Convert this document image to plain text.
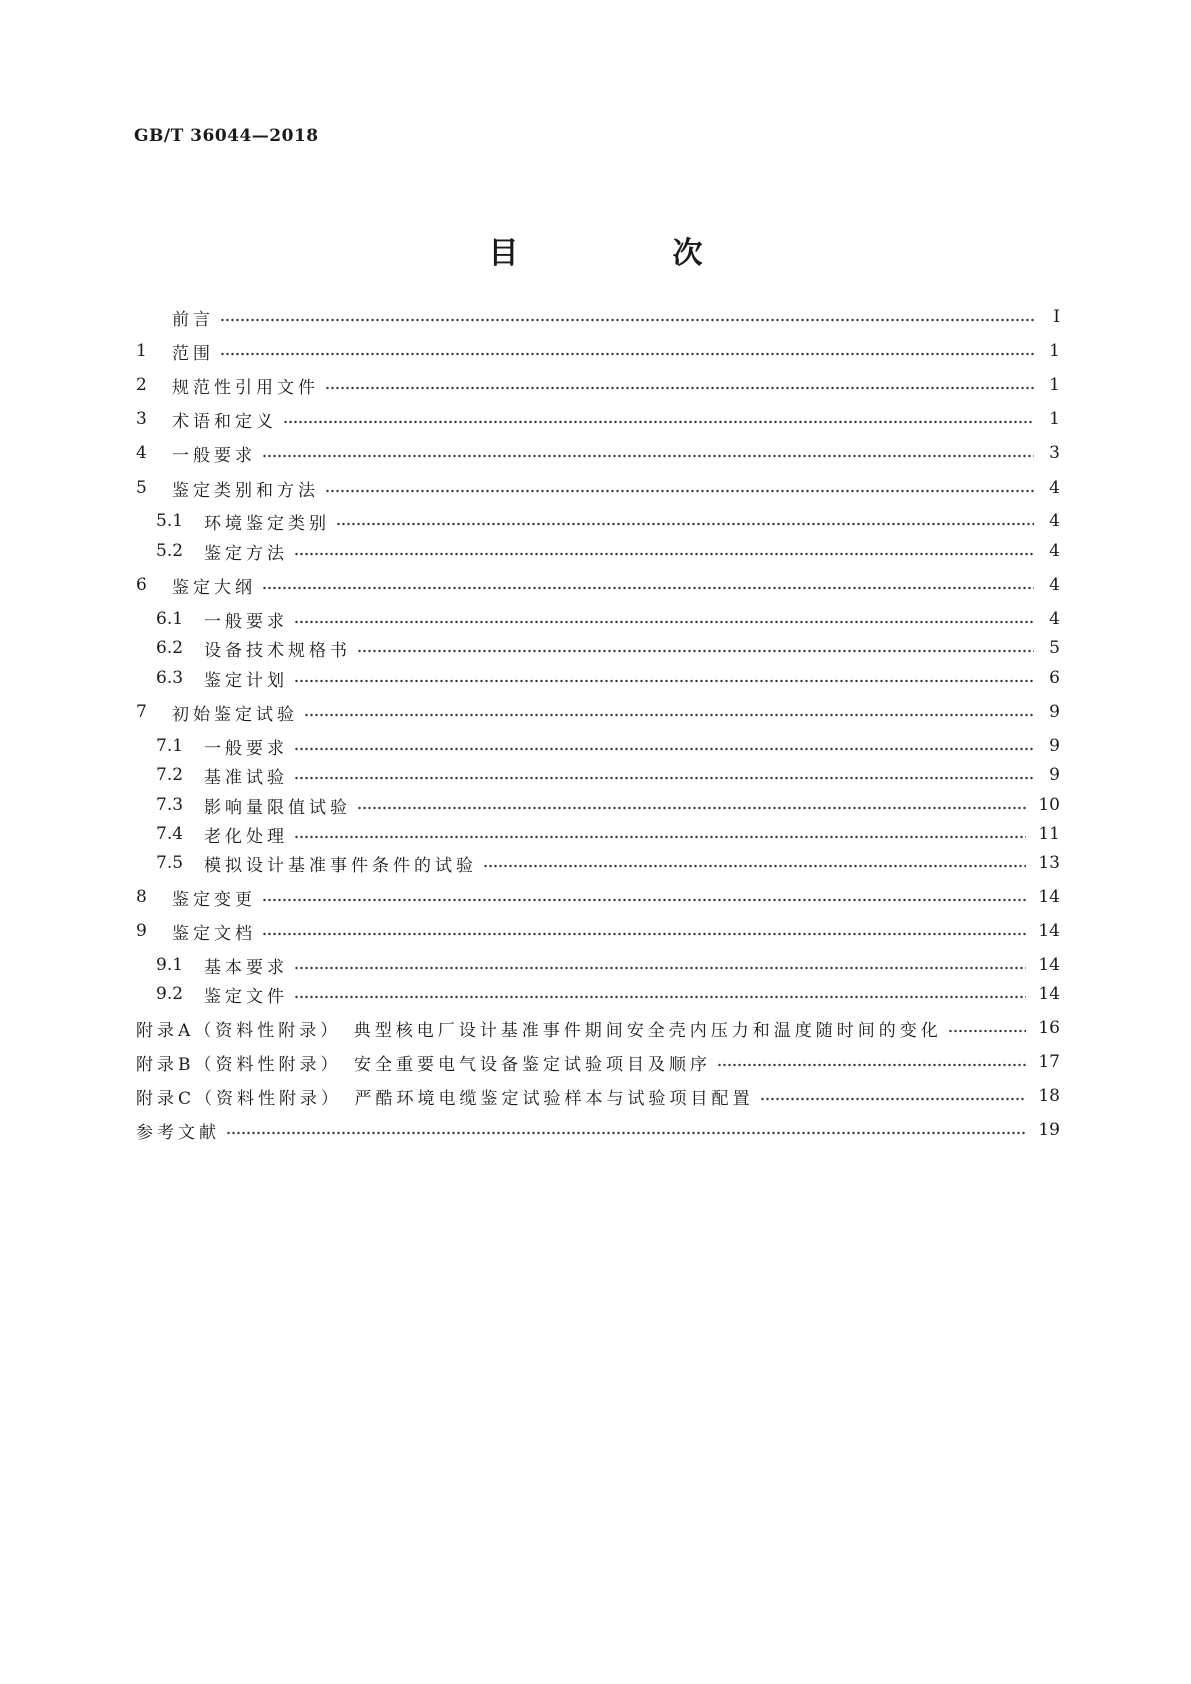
GB/T 36044—2018
目　次
前言	Ⅰ
1	范围	1
2	规范性引用文件	1
3	术语和定义	1
4	一般要求	3
5	鉴定类别和方法	4
5.1	环境鉴定类别	4
5.2	鉴定方法	4
6	鉴定大纲	4
6.1	一般要求	4
6.2	设备技术规格书	5
6.3	鉴定计划	6
7	初始鉴定试验	9
7.1	一般要求	9
7.2	基准试验	9
7.3	影响量限值试验	10
7.4	老化处理	11
7.5	模拟设计基准事件条件的试验	13
8	鉴定变更	14
9	鉴定文档	14
9.1	基本要求	14
9.2	鉴定文件	14
附录A（资料性附录）　典型核电厂设计基准事件期间安全壳内压力和温度随时间的变化	16
附录B（资料性附录）　安全重要电气设备鉴定试验项目及顺序	17
附录C（资料性附录）　严酷环境电缆鉴定试验样本与试验项目配置	18
参考文献	19
